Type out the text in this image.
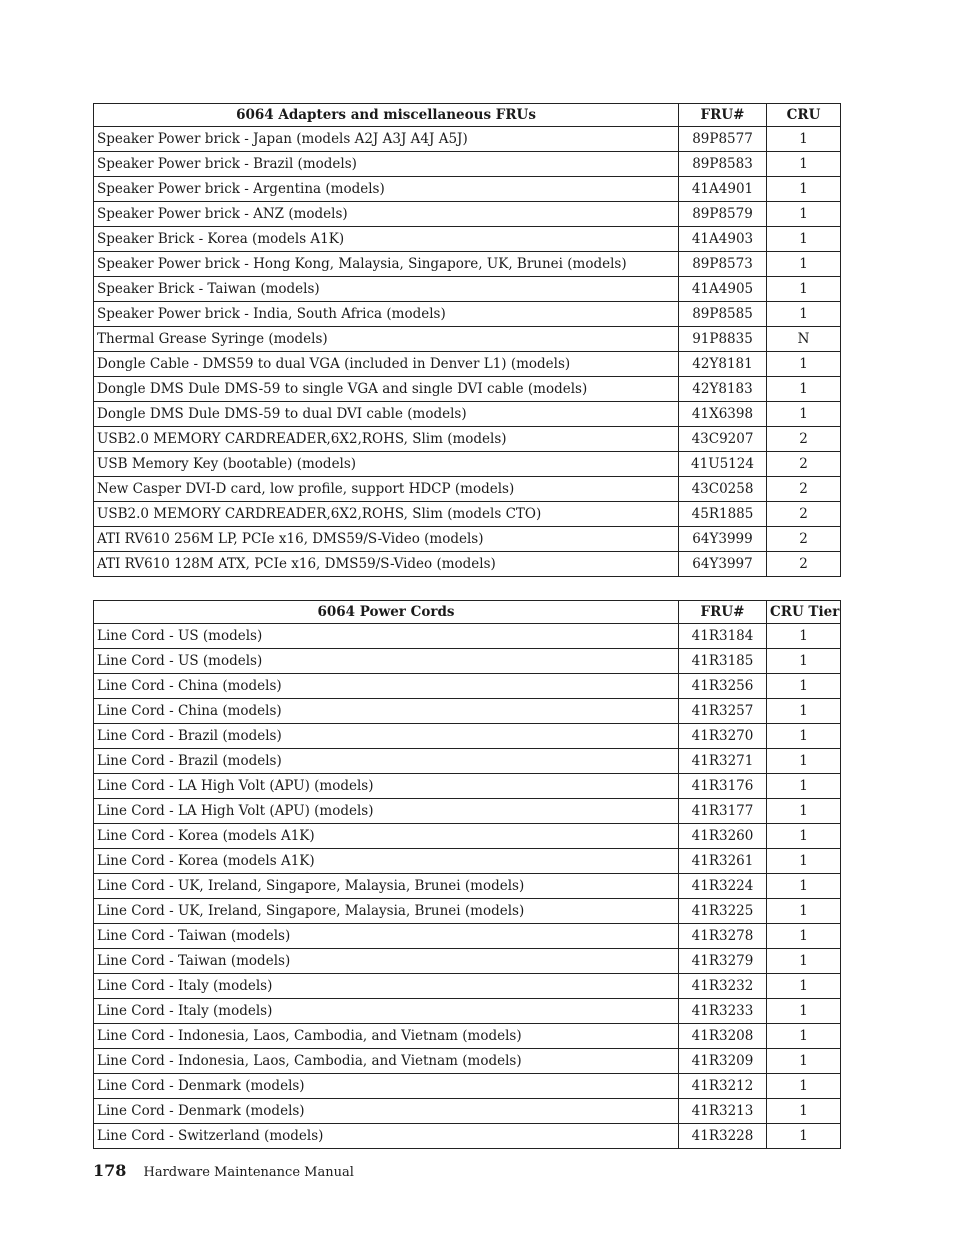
6064 Adapters and miscellaneous FRUs	FRU#	CRU
Speaker Power brick - Japan (models A2J A3J A4J A5J)	89P8577	1
Speaker Power brick - Brazil (models)	89P8583	1
Speaker Power brick - Argentina (models)	41A4901	1
Speaker Power brick - ANZ (models)	89P8579	1
Speaker Brick - Korea (models A1K)	41A4903	1
Speaker Power brick - Hong Kong, Malaysia, Singapore, UK, Brunei (models)	89P8573	1
Speaker Brick - Taiwan (models)	41A4905	1
Speaker Power brick - India, South Africa (models)	89P8585	1
Thermal Grease Syringe (models)	91P8835	N
Dongle Cable - DMS59 to dual VGA (included in Denver L1) (models)	42Y8181	1
Dongle DMS Dule DMS-59 to single VGA and single DVI cable (models)	42Y8183	1
Dongle DMS Dule DMS-59 to dual DVI cable (models)	41X6398	1
USB2.0 MEMORY CARDREADER,6X2,ROHS, Slim (models)	43C9207	2
USB Memory Key (bootable) (models)	41U5124	2
New Casper DVI-D card, low profile, support HDCP (models)	43C0258	2
USB2.0 MEMORY CARDREADER,6X2,ROHS, Slim (models CTO)	45R1885	2
ATI RV610 256M LP, PCIe x16, DMS59/S-Video (models)	64Y3999	2
ATI RV610 128M ATX, PCIe x16, DMS59/S-Video (models)	64Y3997	2
6064 Power Cords	FRU#	CRU Tier
Line Cord - US (models)	41R3184	1
Line Cord - US (models)	41R3185	1
Line Cord - China (models)	41R3256	1
Line Cord - China (models)	41R3257	1
Line Cord - Brazil (models)	41R3270	1
Line Cord - Brazil (models)	41R3271	1
Line Cord - LA High Volt (APU) (models)	41R3176	1
Line Cord - LA High Volt (APU) (models)	41R3177	1
Line Cord - Korea (models A1K)	41R3260	1
Line Cord - Korea (models A1K)	41R3261	1
Line Cord - UK, Ireland, Singapore, Malaysia, Brunei (models)	41R3224	1
Line Cord - UK, Ireland, Singapore, Malaysia, Brunei (models)	41R3225	1
Line Cord - Taiwan (models)	41R3278	1
Line Cord - Taiwan (models)	41R3279	1
Line Cord - Italy (models)	41R3232	1
Line Cord - Italy (models)	41R3233	1
Line Cord - Indonesia, Laos, Cambodia, and Vietnam (models)	41R3208	1
Line Cord - Indonesia, Laos, Cambodia, and Vietnam (models)	41R3209	1
Line Cord - Denmark (models)	41R3212	1
Line Cord - Denmark (models)	41R3213	1
Line Cord - Switzerland (models)	41R3228	1
178 Hardware Maintenance Manual
